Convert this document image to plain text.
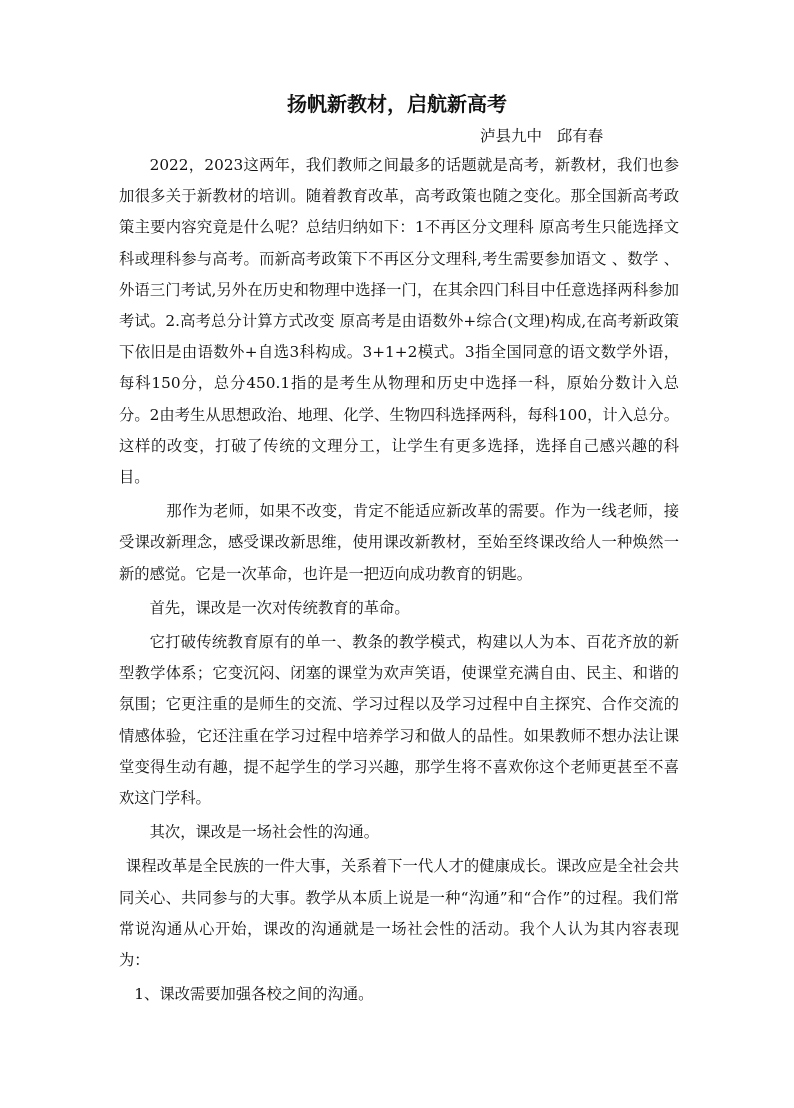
扬帆新教材，启航新高考
泸县九中   邱有春

2022，2023这两年，我们教师之间最多的话题就是高考，新教材，我们也参加很多关于新教材的培训。随着教育改革，高考政策也随之变化。那全国新高考政策主要内容究竟是什么呢？总结归纳如下：1不再区分文理科 原高考生只能选择文科或理科参与高考。而新高考政策下不再区分文理科,考生需要参加语文 、数学 、外语三门考试,另外在历史和物理中选择一门，在其余四门科目中任意选择两科参加考试。2.高考总分计算方式改变 原高考是由语数外+综合(文理)构成,在高考新政策下依旧是由语数外+自选3科构成。3+1+2模式。3指全国同意的语文数学外语，每科150分，总分450.1指的是考生从物理和历史中选择一科，原始分数计入总分。2由考生从思想政治、地理、化学、生物四科选择两科，每科100，计入总分。这样的改变，打破了传统的文理分工，让学生有更多选择，选择自己感兴趣的科目。

那作为老师，如果不改变，肯定不能适应新改革的需要。作为一线老师，接受课改新理念，感受课改新思维，使用课改新教材，至始至终课改给人一种焕然一新的感觉。它是一次革命，也许是一把迈向成功教育的钥匙。

首先，课改是一次对传统教育的革命。

它打破传统教育原有的单一、教条的教学模式，构建以人为本、百花齐放的新型教学体系；它变沉闷、闭塞的课堂为欢声笑语，使课堂充满自由、民主、和谐的氛围；它更注重的是师生的交流、学习过程以及学习过程中自主探究、合作交流的情感体验，它还注重在学习过程中培养学习和做人的品性。如果教师不想办法让课堂变得生动有趣，提不起学生的学习兴趣，那学生将不喜欢你这个老师更甚至不喜欢这门学科。

其次，课改是一场社会性的沟通。

课程改革是全民族的一件大事，关系着下一代人才的健康成长。课改应是全社会共同关心、共同参与的大事。教学从本质上说是一种“沟通”和“合作”的过程。我们常常说沟通从心开始，课改的沟通就是一场社会性的活动。我个人认为其内容表现为：

1、课改需要加强各校之间的沟通。
